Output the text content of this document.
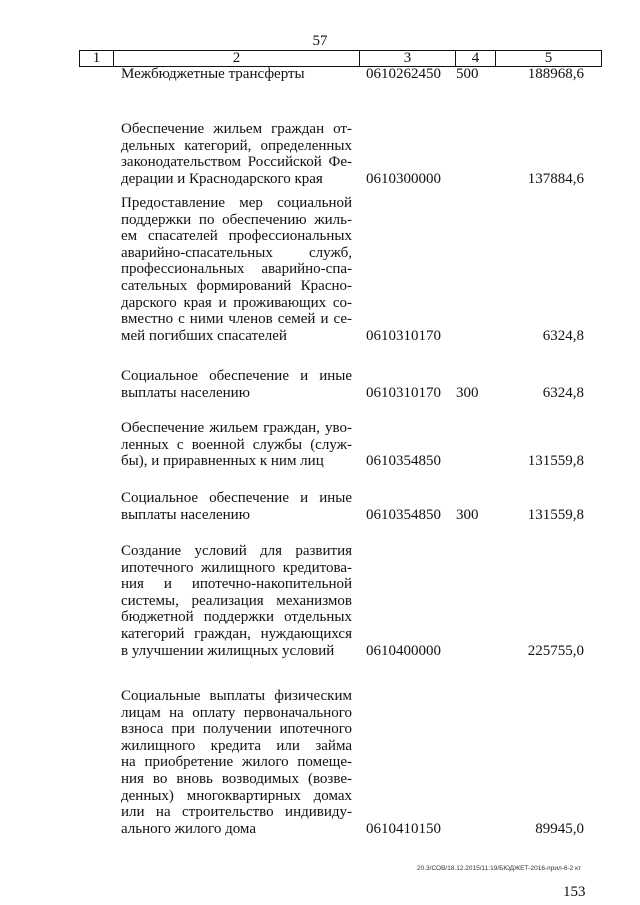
57
1	2	3	4	5
Межбюджетные трансферты	0610262450 500	188968,6
Обеспечение жильем граждан от-
дельных категорий, определенных
законодательством Российской Фе-
дерации и Краснодарского края	0610300000	137884,6
Предоставление мер социальной
поддержки по обеспечению жиль-
ем спасателей профессиональных
аварийно-спасательных служб,
профессиональных аварийно-спа-
сательных формирований Красно-
дарского края и проживающих со-
вместно с ними членов семей и се-
мей погибших спасателей	0610310170	6324,8
Социальное обеспечение и иные
выплаты населению	0610310170 300	6324,8
Обеспечение жильем граждан, уво-
ленных с военной службы (служ-
бы), и приравненных к ним лиц	0610354850	131559,8
Социальное обеспечение и иные
выплаты населению	0610354850 300	131559,8
Создание условий для развития
ипотечного жилищного кредитова-
ния и ипотечно-накопительной
системы, реализация механизмов
бюджетной поддержки отдельных
категорий граждан, нуждающихся
в улучшении жилищных условий	0610400000	225755,0
Социальные выплаты физическим
лицам на оплату первоначального
взноса при получении ипотечного
жилищного кредита или займа
на приобретение жилого помеще-
ния во вновь возводимых (возве-
денных) многоквартирных домах
или на строительство индивиду-
ального жилого дома	0610410150	89945,0
20.3/СОВ/18.12.2015/11:19/БЮДЖЕТ-2016-прил-6-2 кт
153
